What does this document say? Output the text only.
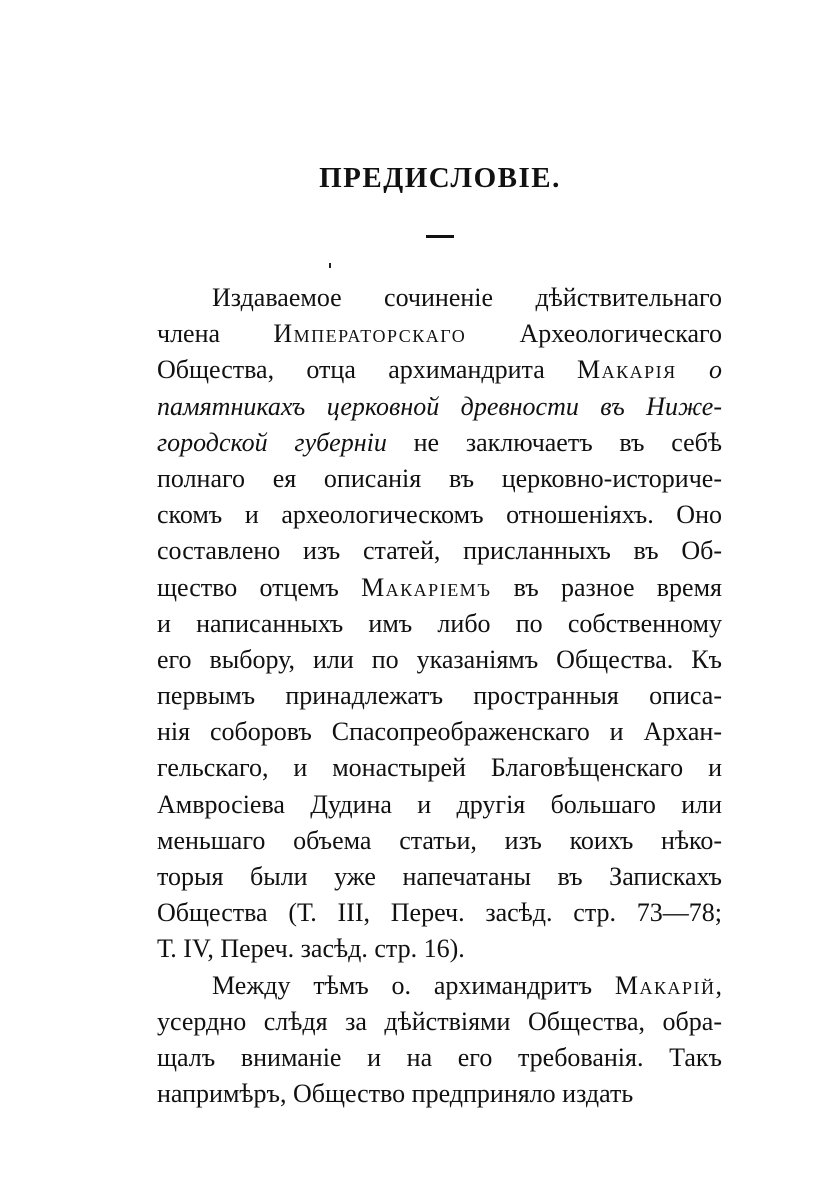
ПРЕДИСЛОВІЕ.
Издаваемое сочиненіе дѣйствительнаго
члена Императорскаго Археологическаго
Общества, отца архимандрита Макарія о
памятникахъ церковной древности въ Ниже-
городской губерніи не заключаетъ въ себѣ
полнаго ея описанія въ церковно-историче-
скомъ и археологическомъ отношеніяхъ. Оно
составлено изъ статей, присланныхъ въ Об-
щество отцемъ Макаріемъ въ разное время
и написанныхъ имъ либо по собственному
его выбору, или по указаніямъ Общества. Къ
первымъ принадлежатъ пространныя описа-
нія соборовъ Спасопреображенскаго и Архан-
гельскаго, и монастырей Благовѣщенскаго и
Амвросіева Дудина и другія большаго или
меньшаго объема статьи, изъ коихъ нѣко-
торыя были уже напечатаны въ Запискахъ
Общества (Т. III, Переч. засѣд. стр. 73—78;
Т. IV, Переч. засѣд. стр. 16).
Между тѣмъ о. архимандритъ Макарій,
усердно слѣдя за дѣйствіями Общества, обра-
щалъ вниманіе и на его требованія. Такъ
напримѣръ, Общество предприняло издать
